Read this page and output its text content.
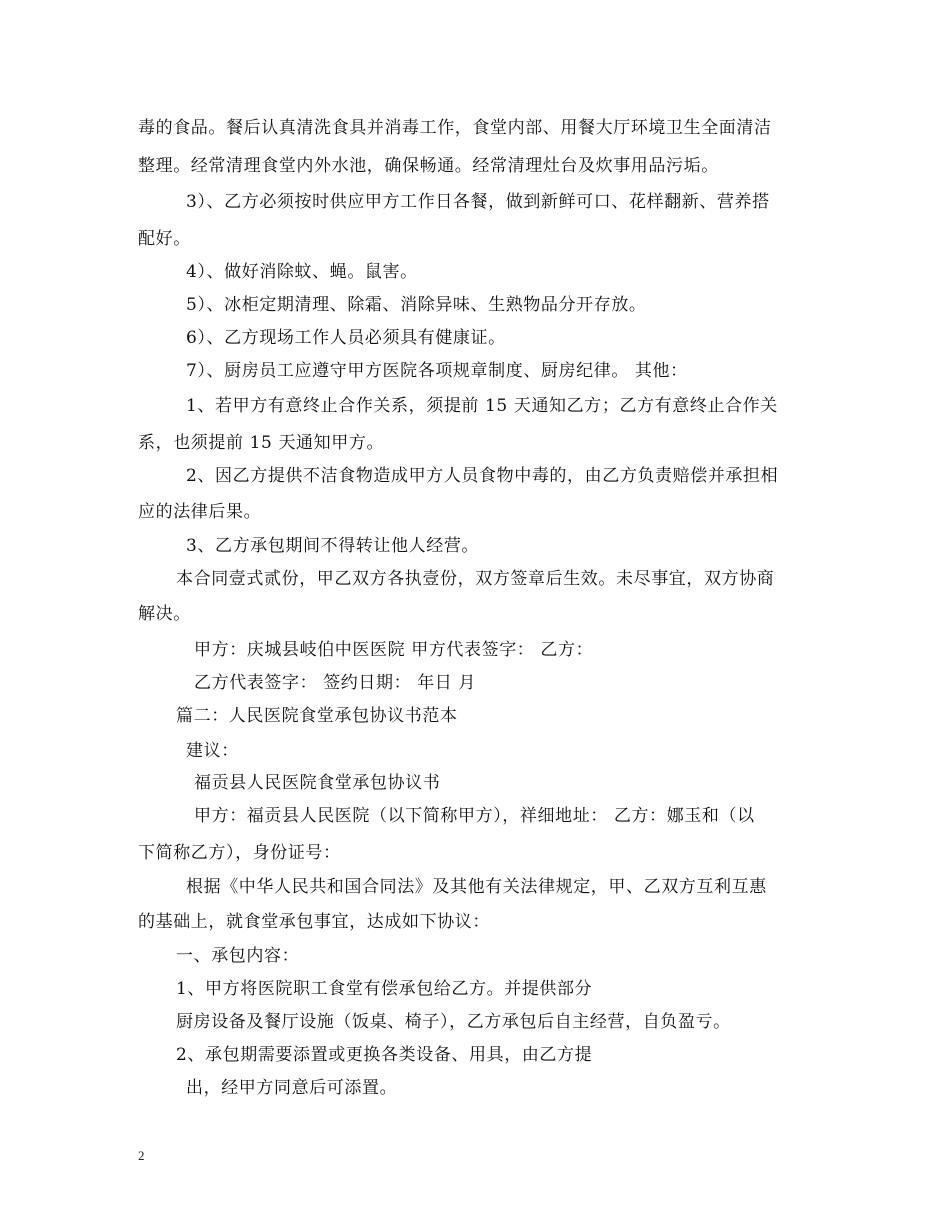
毒的食品。餐后认真清洗食具并消毒工作，食堂内部、用餐大厅环境卫生全面清洁
整理。经常清理食堂内外水池，确保畅通。经常清理灶台及炊事用品污垢。
3）、乙方必须按时供应甲方工作日各餐，做到新鲜可口、花样翻新、营养搭
配好。
4）、做好消除蚊、蝇。鼠害。
5）、冰柜定期清理、除霜、消除异味、生熟物品分开存放。
6）、乙方现场工作人员必须具有健康证。
7）、厨房员工应遵守甲方医院各项规章制度、厨房纪律。 其他：
1、若甲方有意终止合作关系，须提前 15 天通知乙方；乙方有意终止合作关
系，也须提前 15 天通知甲方。
2、因乙方提供不洁食物造成甲方人员食物中毒的，由乙方负责赔偿并承担相
应的法律后果。
3、乙方承包期间不得转让他人经营。
本合同壹式贰份，甲乙双方各执壹份，双方签章后生效。未尽事宜，双方协商
解决。
甲方：庆城县岐伯中医医院 甲方代表签字： 乙方：
乙方代表签字： 签约日期： 年日 月
篇二：人民医院食堂承包协议书范本
建议：
福贡县人民医院食堂承包协议书
甲方：福贡县人民医院（以下简称甲方），祥细地址： 乙方：娜玉和（以
下简称乙方），身份证号：
根据《中华人民共和国合同法》及其他有关法律规定，甲、乙双方互利互惠
的基础上，就食堂承包事宜，达成如下协议：
一、承包内容：
1、甲方将医院职工食堂有偿承包给乙方。并提供部分
厨房设备及餐厅设施（饭桌、椅子），乙方承包后自主经营，自负盈亏。
2、承包期需要添置或更换各类设备、用具，由乙方提
出，经甲方同意后可添置。
2
